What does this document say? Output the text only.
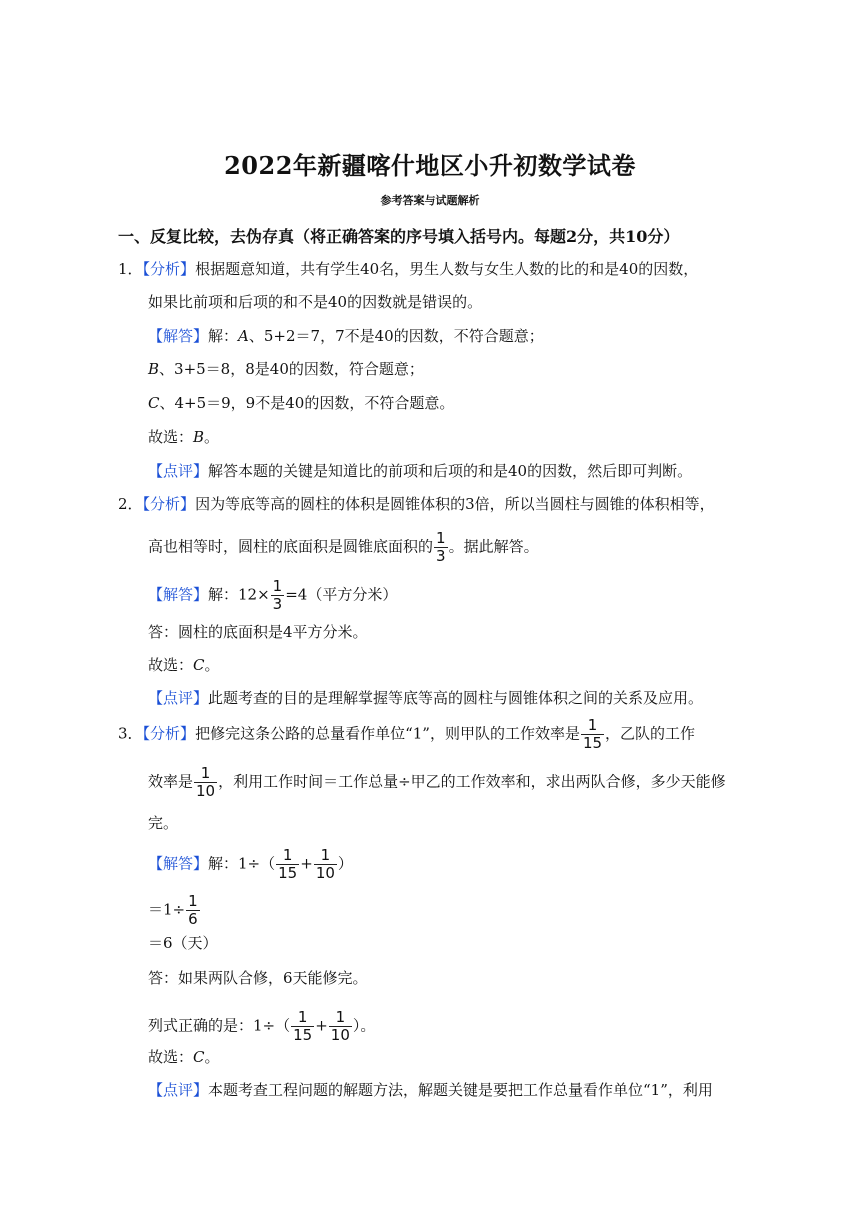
2022年新疆喀什地区小升初数学试卷
参考答案与试题解析
一、反复比较，去伪存真（将正确答案的序号填入括号内。每题2分，共10分）
1．【分析】根据题意知道，共有学生40名，男生人数与女生人数的比的和是40的因数，
如果比前项和后项的和不是40的因数就是错误的。
【解答】解：A、5+2＝7，7不是40的因数，不符合题意；
B、3+5＝8，8是40的因数，符合题意；
C、4+5＝9，9不是40的因数，不符合题意。
故选：B。
【点评】解答本题的关键是知道比的前项和后项的和是40的因数，然后即可判断。
2．【分析】因为等底等高的圆柱的体积是圆锥体积的3倍，所以当圆柱与圆锥的体积相等，
高也相等时，圆柱的底面积是圆锥底面积的 $\frac{1}{3}$ 。据此解答。
【解答】解：$12\times \frac{1}{3} =4$（平方分米）
答：圆柱的底面积是4平方分米。
故选：C。
【点评】此题考查的目的是理解掌握等底等高的圆柱与圆锥体积之间的关系及应用。
3．【分析】把修完这条公路的总量看作单位“1”，则甲队的工作效率是 $\frac{1}{15}$ ，乙队的工作
效率是 $\frac{1}{10}$ ，利用工作时间＝工作总量÷甲乙的工作效率和，求出两队合修，多少天能修
完。
【解答】解：$1\div( \frac{1}{15} + \frac{1}{10}$ ）
$=1\div \frac{1}{6}$
＝6（天）
答：如果两队合修，6天能修完。
列式正确的是：$1\div( \frac{1}{15} + \frac{1}{10}$ ）。
故选：C。
【点评】本题考查工程问题的解题方法，解题关键是要把工作总量看作单位“1”，利用
